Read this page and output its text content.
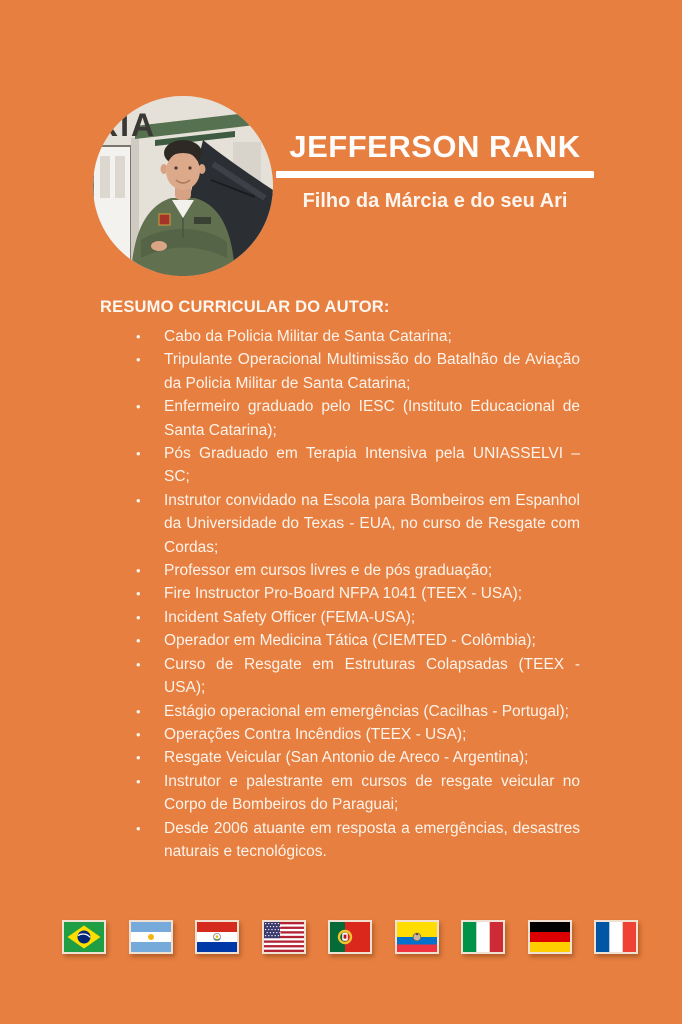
RIA
JEFFERSON RANK
Filho da Márcia e do seu Ari
RESUMO CURRICULAR DO AUTOR:
•	Cabo da Policia Militar de Santa Catarina;
•	Tripulante Operacional Multimissão do Batalhão de Aviação da Policia Militar de Santa Catarina;
•	Enfermeiro graduado pelo IESC (Instituto Educacional de Santa Catarina);
•	Pós Graduado em Terapia Intensiva pela UNIASSELVI – SC;
•	Instrutor convidado na Escola para Bombeiros em Espanhol da Universidade do Texas - EUA, no curso de Resgate com Cordas;
•	Professor em cursos livres e de pós graduação;
•	Fire Instructor Pro-Board NFPA 1041 (TEEX - USA);
•	Incident Safety Officer (FEMA-USA);
•	Operador em Medicina Tática (CIEMTED - Colômbia);
•	Curso de Resgate em Estruturas Colapsadas (TEEX - USA);
•	Estágio operacional em emergências (Cacilhas - Portugal);
•	Operações Contra Incêndios (TEEX - USA);
•	Resgate Veicular (San Antonio de Areco - Argentina);
•	Instrutor e palestrante em cursos de resgate veicular no Corpo de Bombeiros do Paraguai;
•	Desde 2006 atuante em resposta a emergências, desastres naturais e tecnológicos.
